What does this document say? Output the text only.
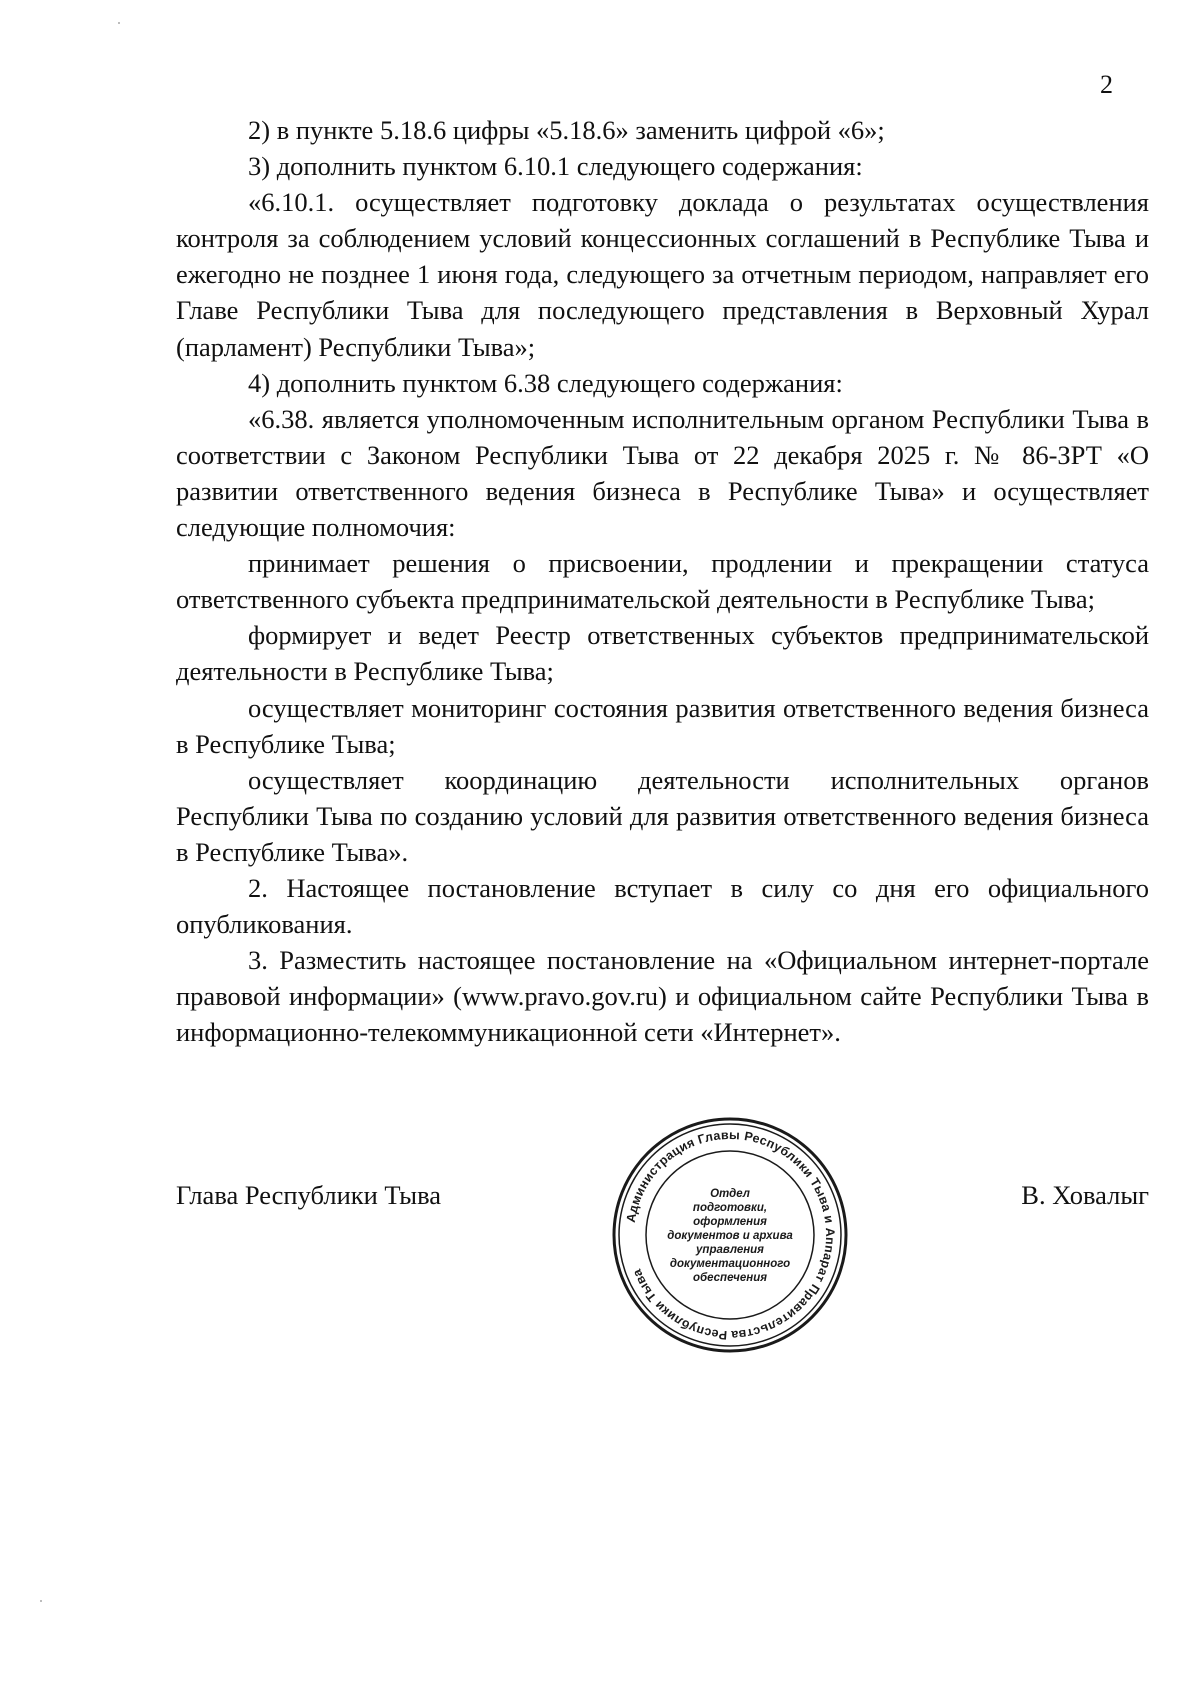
2

2) в пункте 5.18.6 цифры «5.18.6» заменить цифрой «6»;

3) дополнить пунктом 6.10.1 следующего содержания:

«6.10.1. осуществляет подготовку доклада о результатах осуществления контроля за соблюдением условий концессионных соглашений в Республике Тыва и ежегодно не позднее 1 июня года, следующего за отчетным периодом, направляет его Главе Республики Тыва для последующего представления в Верховный Хурал (парламент) Республики Тыва»;

4) дополнить пунктом 6.38 следующего содержания:

«6.38. является уполномоченным исполнительным органом Республики Тыва в соответствии с Законом Республики Тыва от 22 декабря 2025 г. № 86-ЗРТ «О развитии ответственного ведения бизнеса в Республике Тыва» и осуществляет следующие полномочия:

принимает решения о присвоении, продлении и прекращении статуса ответственного субъекта предпринимательской деятельности в Республике Тыва;

формирует и ведет Реестр ответственных субъектов предпринимательской деятельности в Республике Тыва;

осуществляет мониторинг состояния развития ответственного ведения бизнеса в Республике Тыва;

осуществляет координацию деятельности исполнительных органов Республики Тыва по созданию условий для развития ответственного ведения бизнеса в Республике Тыва».

2. Настоящее постановление вступает в силу со дня его официального опубликования.

3. Разместить настоящее постановление на «Официальном интернет-портале правовой информации» (www.pravo.gov.ru) и официальном сайте Республики Тыва в информационно-телекоммуникационной сети «Интернет».

Глава Республики Тыва	В. Ховалыг
Администрация Главы Республики Тыва и Аппарат Правительства Республики Тыва
Отдел
подготовки,
оформления
документов и архива
управления
документационного
обеспечения
